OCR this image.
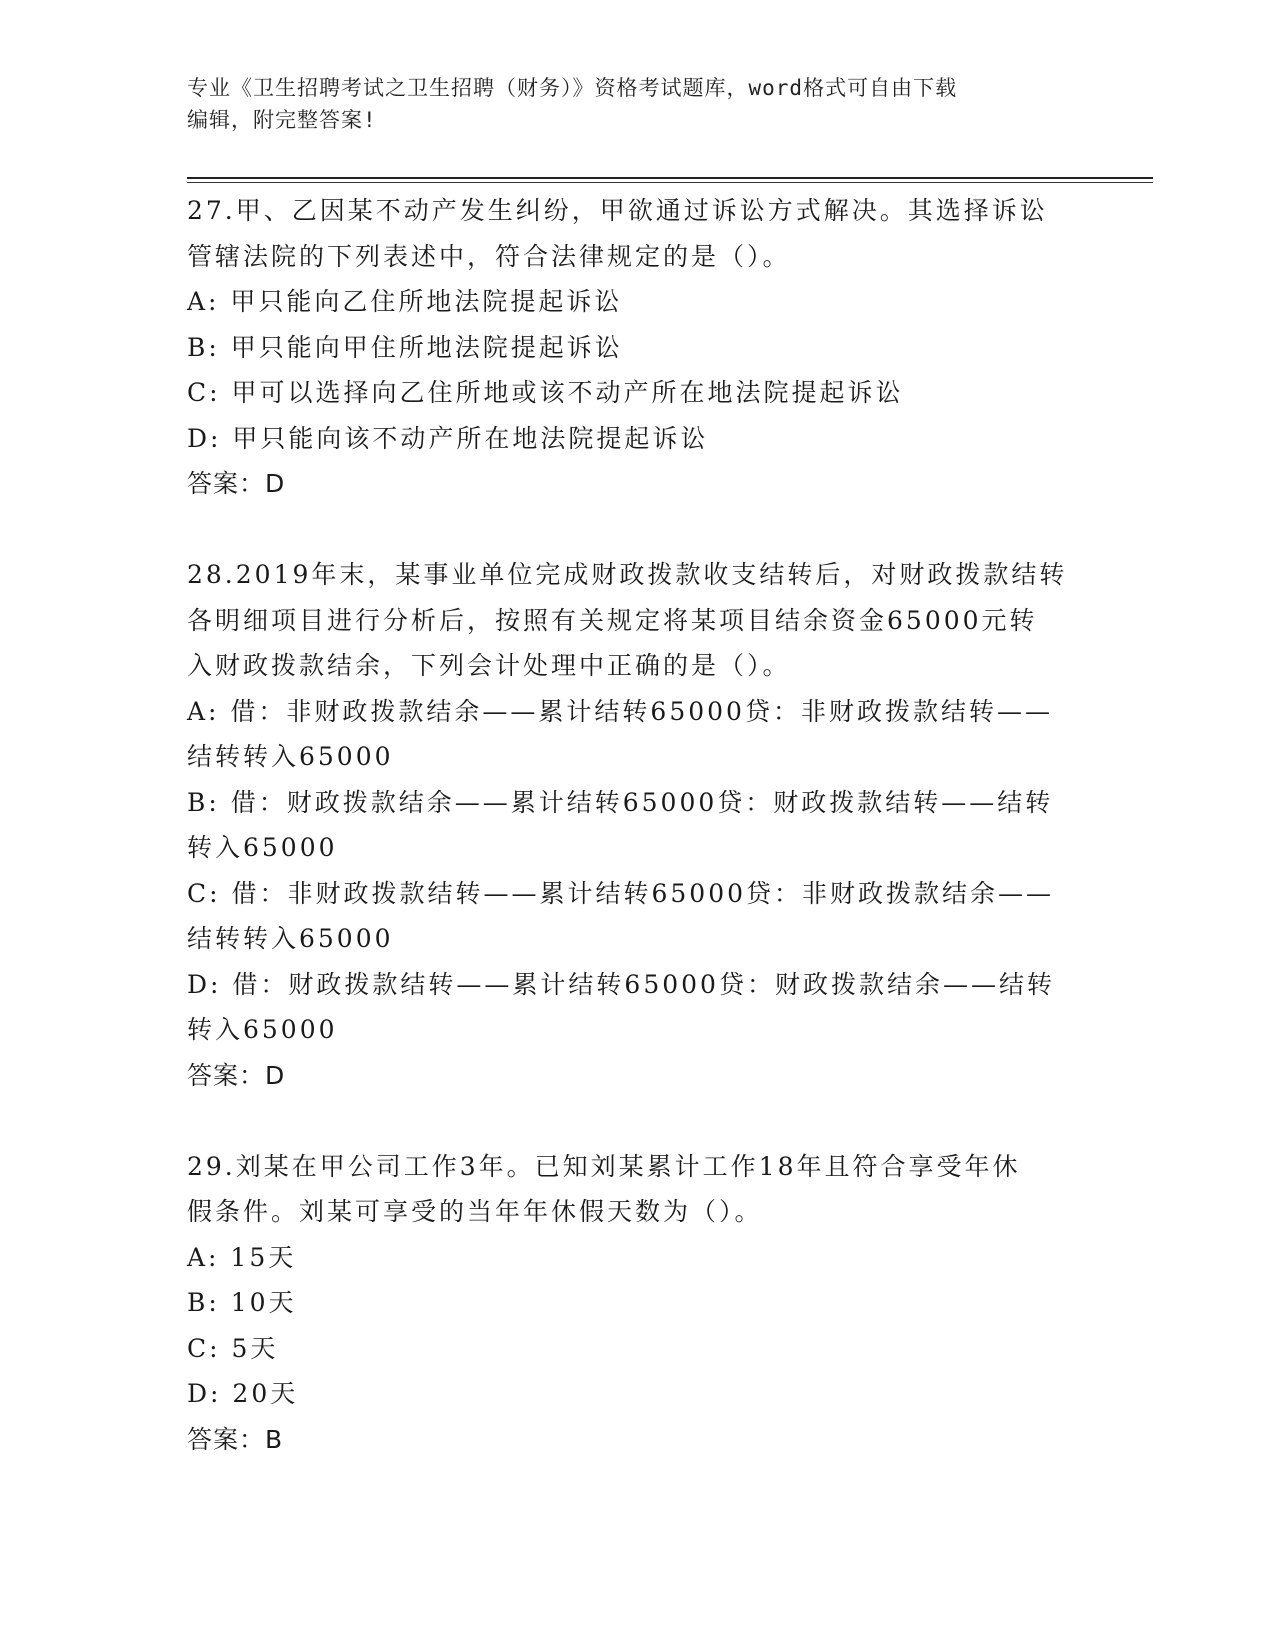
专业《卫生招聘考试之卫生招聘（财务）》资格考试题库，word格式可自由下载
编辑，附完整答案!
27.甲、乙因某不动产发生纠纷，甲欲通过诉讼方式解决。其选择诉讼
管辖法院的下列表述中，符合法律规定的是（）。
A: 甲只能向乙住所地法院提起诉讼
B: 甲只能向甲住所地法院提起诉讼
C: 甲可以选择向乙住所地或该不动产所在地法院提起诉讼
D: 甲只能向该不动产所在地法院提起诉讼
答案：D
28.2019年末，某事业单位完成财政拨款收支结转后，对财政拨款结转
各明细项目进行分析后，按照有关规定将某项目结余资金65000元转
入财政拨款结余，下列会计处理中正确的是（）。
A: 借：非财政拨款结余——累计结转65000贷：非财政拨款结转——
结转转入65000
B: 借：财政拨款结余——累计结转65000贷：财政拨款结转——结转
转入65000
C: 借：非财政拨款结转——累计结转65000贷：非财政拨款结余——
结转转入65000
D: 借：财政拨款结转——累计结转65000贷：财政拨款结余——结转
转入65000
答案：D
29.刘某在甲公司工作3年。已知刘某累计工作18年且符合享受年休
假条件。刘某可享受的当年年休假天数为（）。
A: 15天
B: 10天
C: 5天
D: 20天
答案：B
